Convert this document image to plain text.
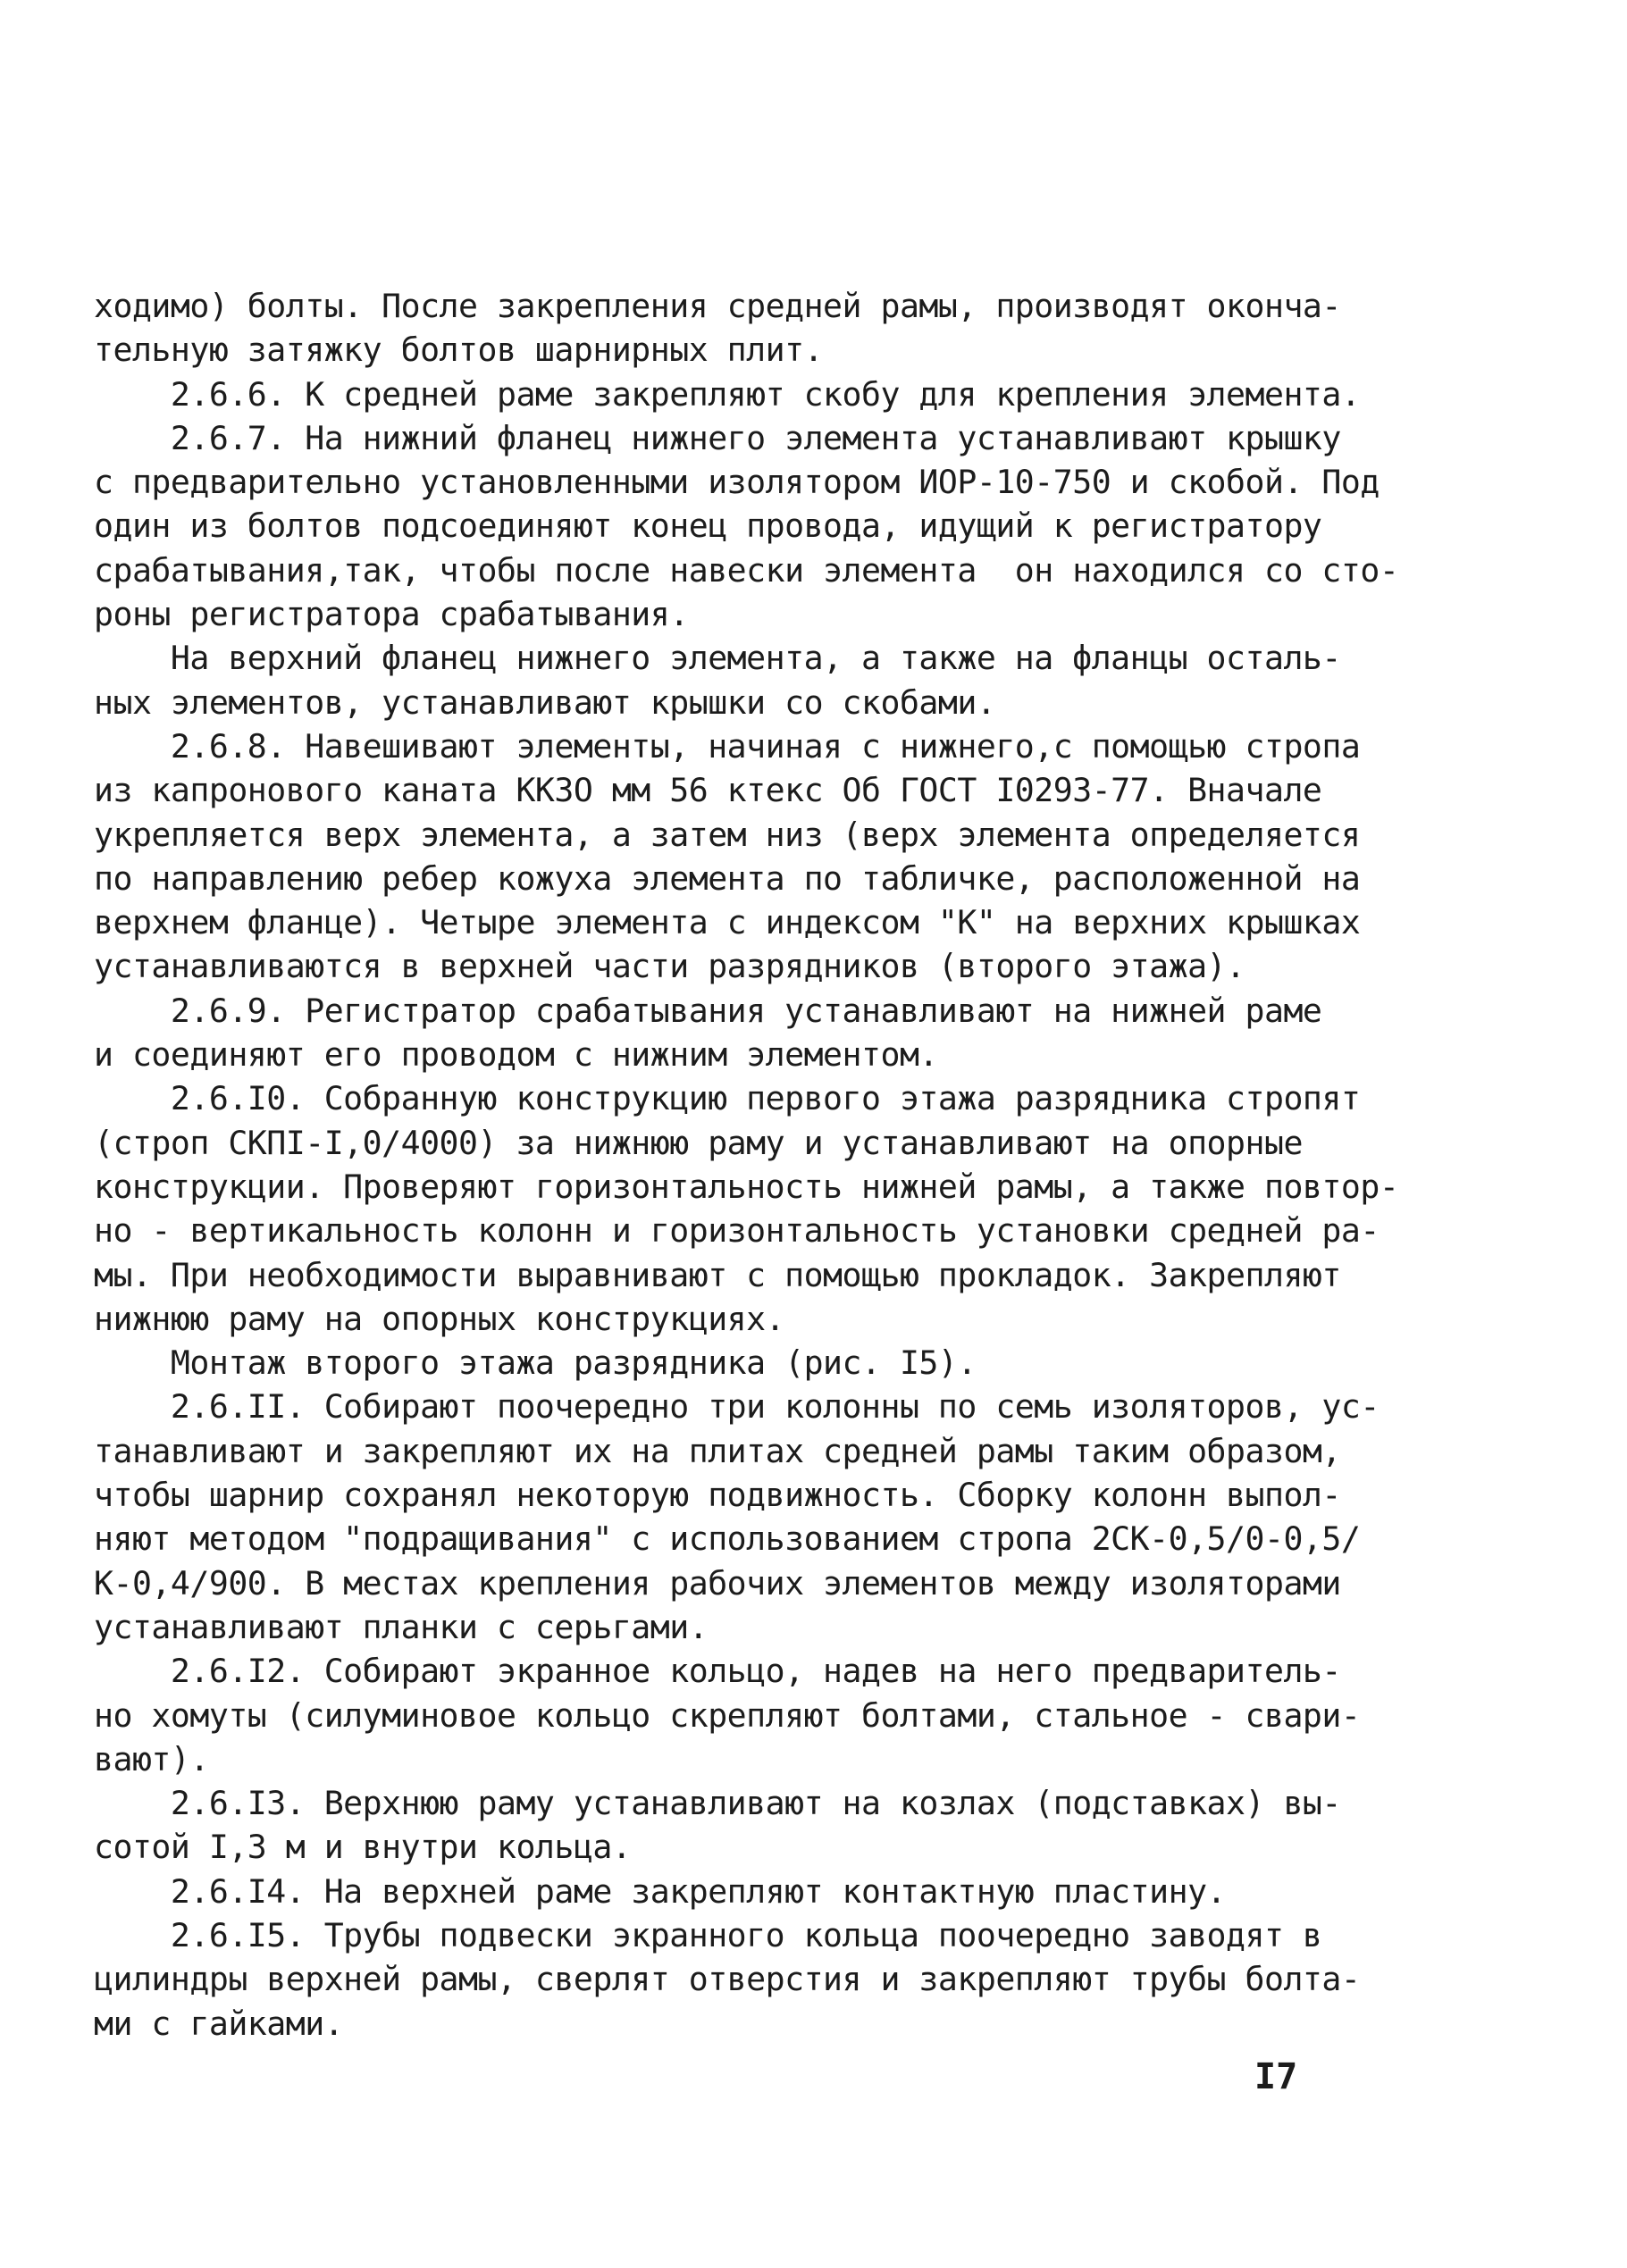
ходимо) болты. После закрепления средней рамы, производят оконча-
тельную затяжку болтов шарнирных плит.
2.6.6. К средней раме закрепляют скобу для крепления элемента.
2.6.7. На нижний фланец нижнего элемента устанавливают крышку
с предварительно установленными изолятором ИОР-10-750 и скобой. Под
один из болтов подсоединяют конец провода, идущий к регистратору
срабатывания,так, чтобы после навески элемента  он находился со сто-
роны регистратора срабатывания.
На верхний фланец нижнего элемента, а также на фланцы осталь-
ных элементов, устанавливают крышки со скобами.
2.6.8. Навешивают элементы, начиная с нижнего,с помощью стропа
из капронового каната ККЗО мм 56 ктекс Об ГОСТ I0293-77. Вначале
укрепляется верх элемента, а затем низ (верх элемента определяется
по направлению ребер кожуха элемента по табличке, расположенной на
верхнем фланце). Четыре элемента с индексом "К" на верхних крышках
устанавливаются в верхней части разрядников (второго этажа).
2.6.9. Регистратор срабатывания устанавливают на нижней раме
и соединяют его проводом с нижним элементом.
2.6.I0. Собранную конструкцию первого этажа разрядника стропят
(строп СКПI-I,0/4000) за нижнюю раму и устанавливают на опорные
конструкции. Проверяют горизонтальность нижней рамы, а также повтор-
но - вертикальность колонн и горизонтальность установки средней ра-
мы. При необходимости выравнивают с помощью прокладок. Закрепляют
нижнюю раму на опорных конструкциях.
Монтаж второго этажа разрядника (рис. I5).
2.6.II. Собирают поочередно три колонны по семь изоляторов, ус-
танавливают и закрепляют их на плитах средней рамы таким образом,
чтобы шарнир сохранял некоторую подвижность. Сборку колонн выпол-
няют методом "подращивания" с использованием стропа 2СК-0,5/0-0,5/
К-0,4/900. В местах крепления рабочих элементов между изоляторами
устанавливают планки с серьгами.
2.6.I2. Собирают экранное кольцо, надев на него предваритель-
но хомуты (силуминовое кольцо скрепляют болтами, стальное - свари-
вают).
2.6.I3. Верхнюю раму устанавливают на козлах (подставках) вы-
сотой I,3 м и внутри кольца.
2.6.I4. На верхней раме закрепляют контактную пластину.
2.6.I5. Трубы подвески экранного кольца поочередно заводят в
цилиндры верхней рамы, сверлят отверстия и закрепляют трубы болта-
ми с гайками.
I7
